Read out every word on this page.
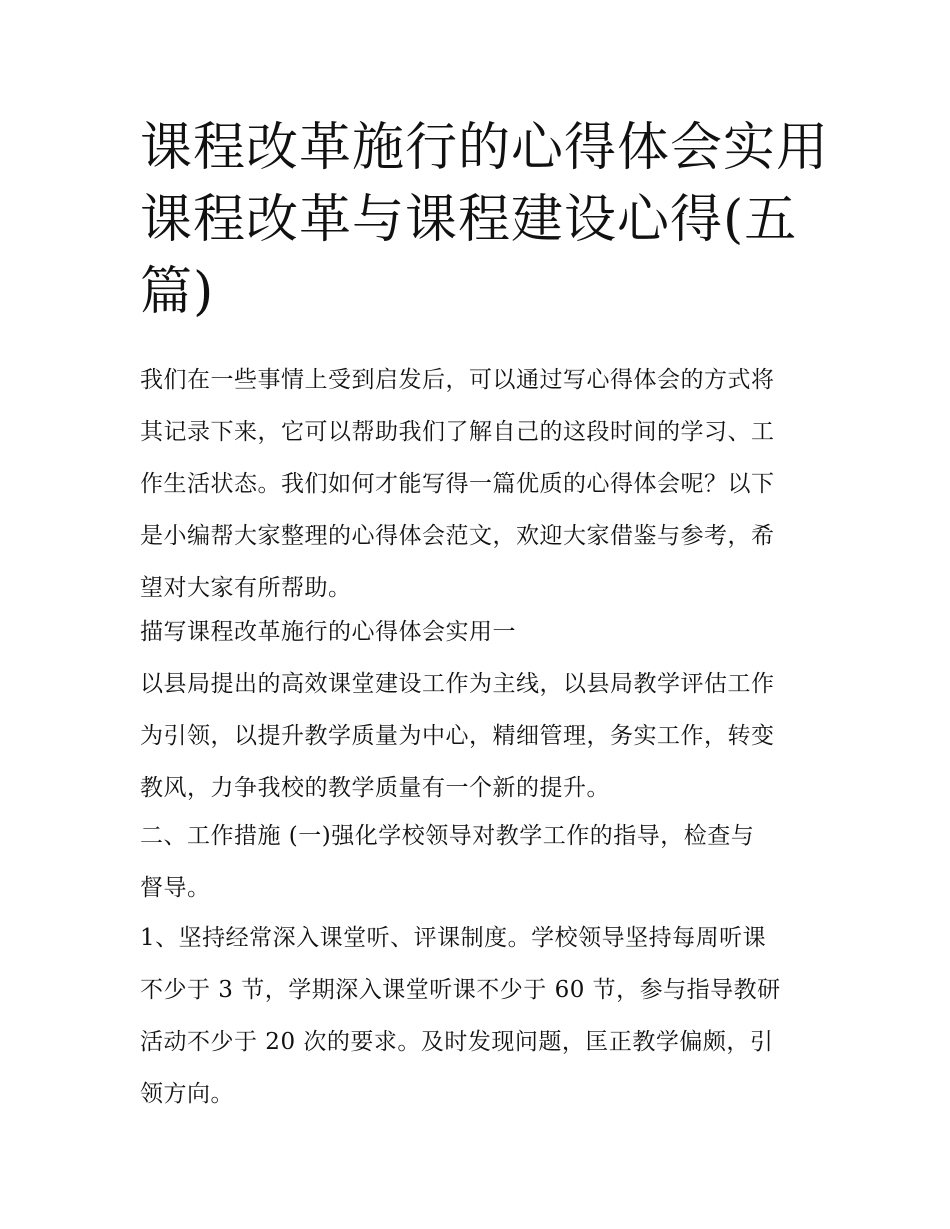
课程改革施行的心得体会实用
课程改革与课程建设心得(五
篇)

我们在一些事情上受到启发后，可以通过写心得体会的方式将
其记录下来，它可以帮助我们了解自己的这段时间的学习、工
作生活状态。我们如何才能写得一篇优质的心得体会呢？以下
是小编帮大家整理的心得体会范文，欢迎大家借鉴与参考，希
望对大家有所帮助。

描写课程改革施行的心得体会实用一

以县局提出的高效课堂建设工作为主线，以县局教学评估工作
为引领，以提升教学质量为中心，精细管理，务实工作，转变
教风，力争我校的教学质量有一个新的提升。

二、工作措施 (一)强化学校领导对教学工作的指导，检查与
督导。

1、坚持经常深入课堂听、评课制度。学校领导坚持每周听课
不少于 3 节，学期深入课堂听课不少于 60 节，参与指导教研
活动不少于 20 次的要求。及时发现问题，匡正教学偏颇，引
领方向。
